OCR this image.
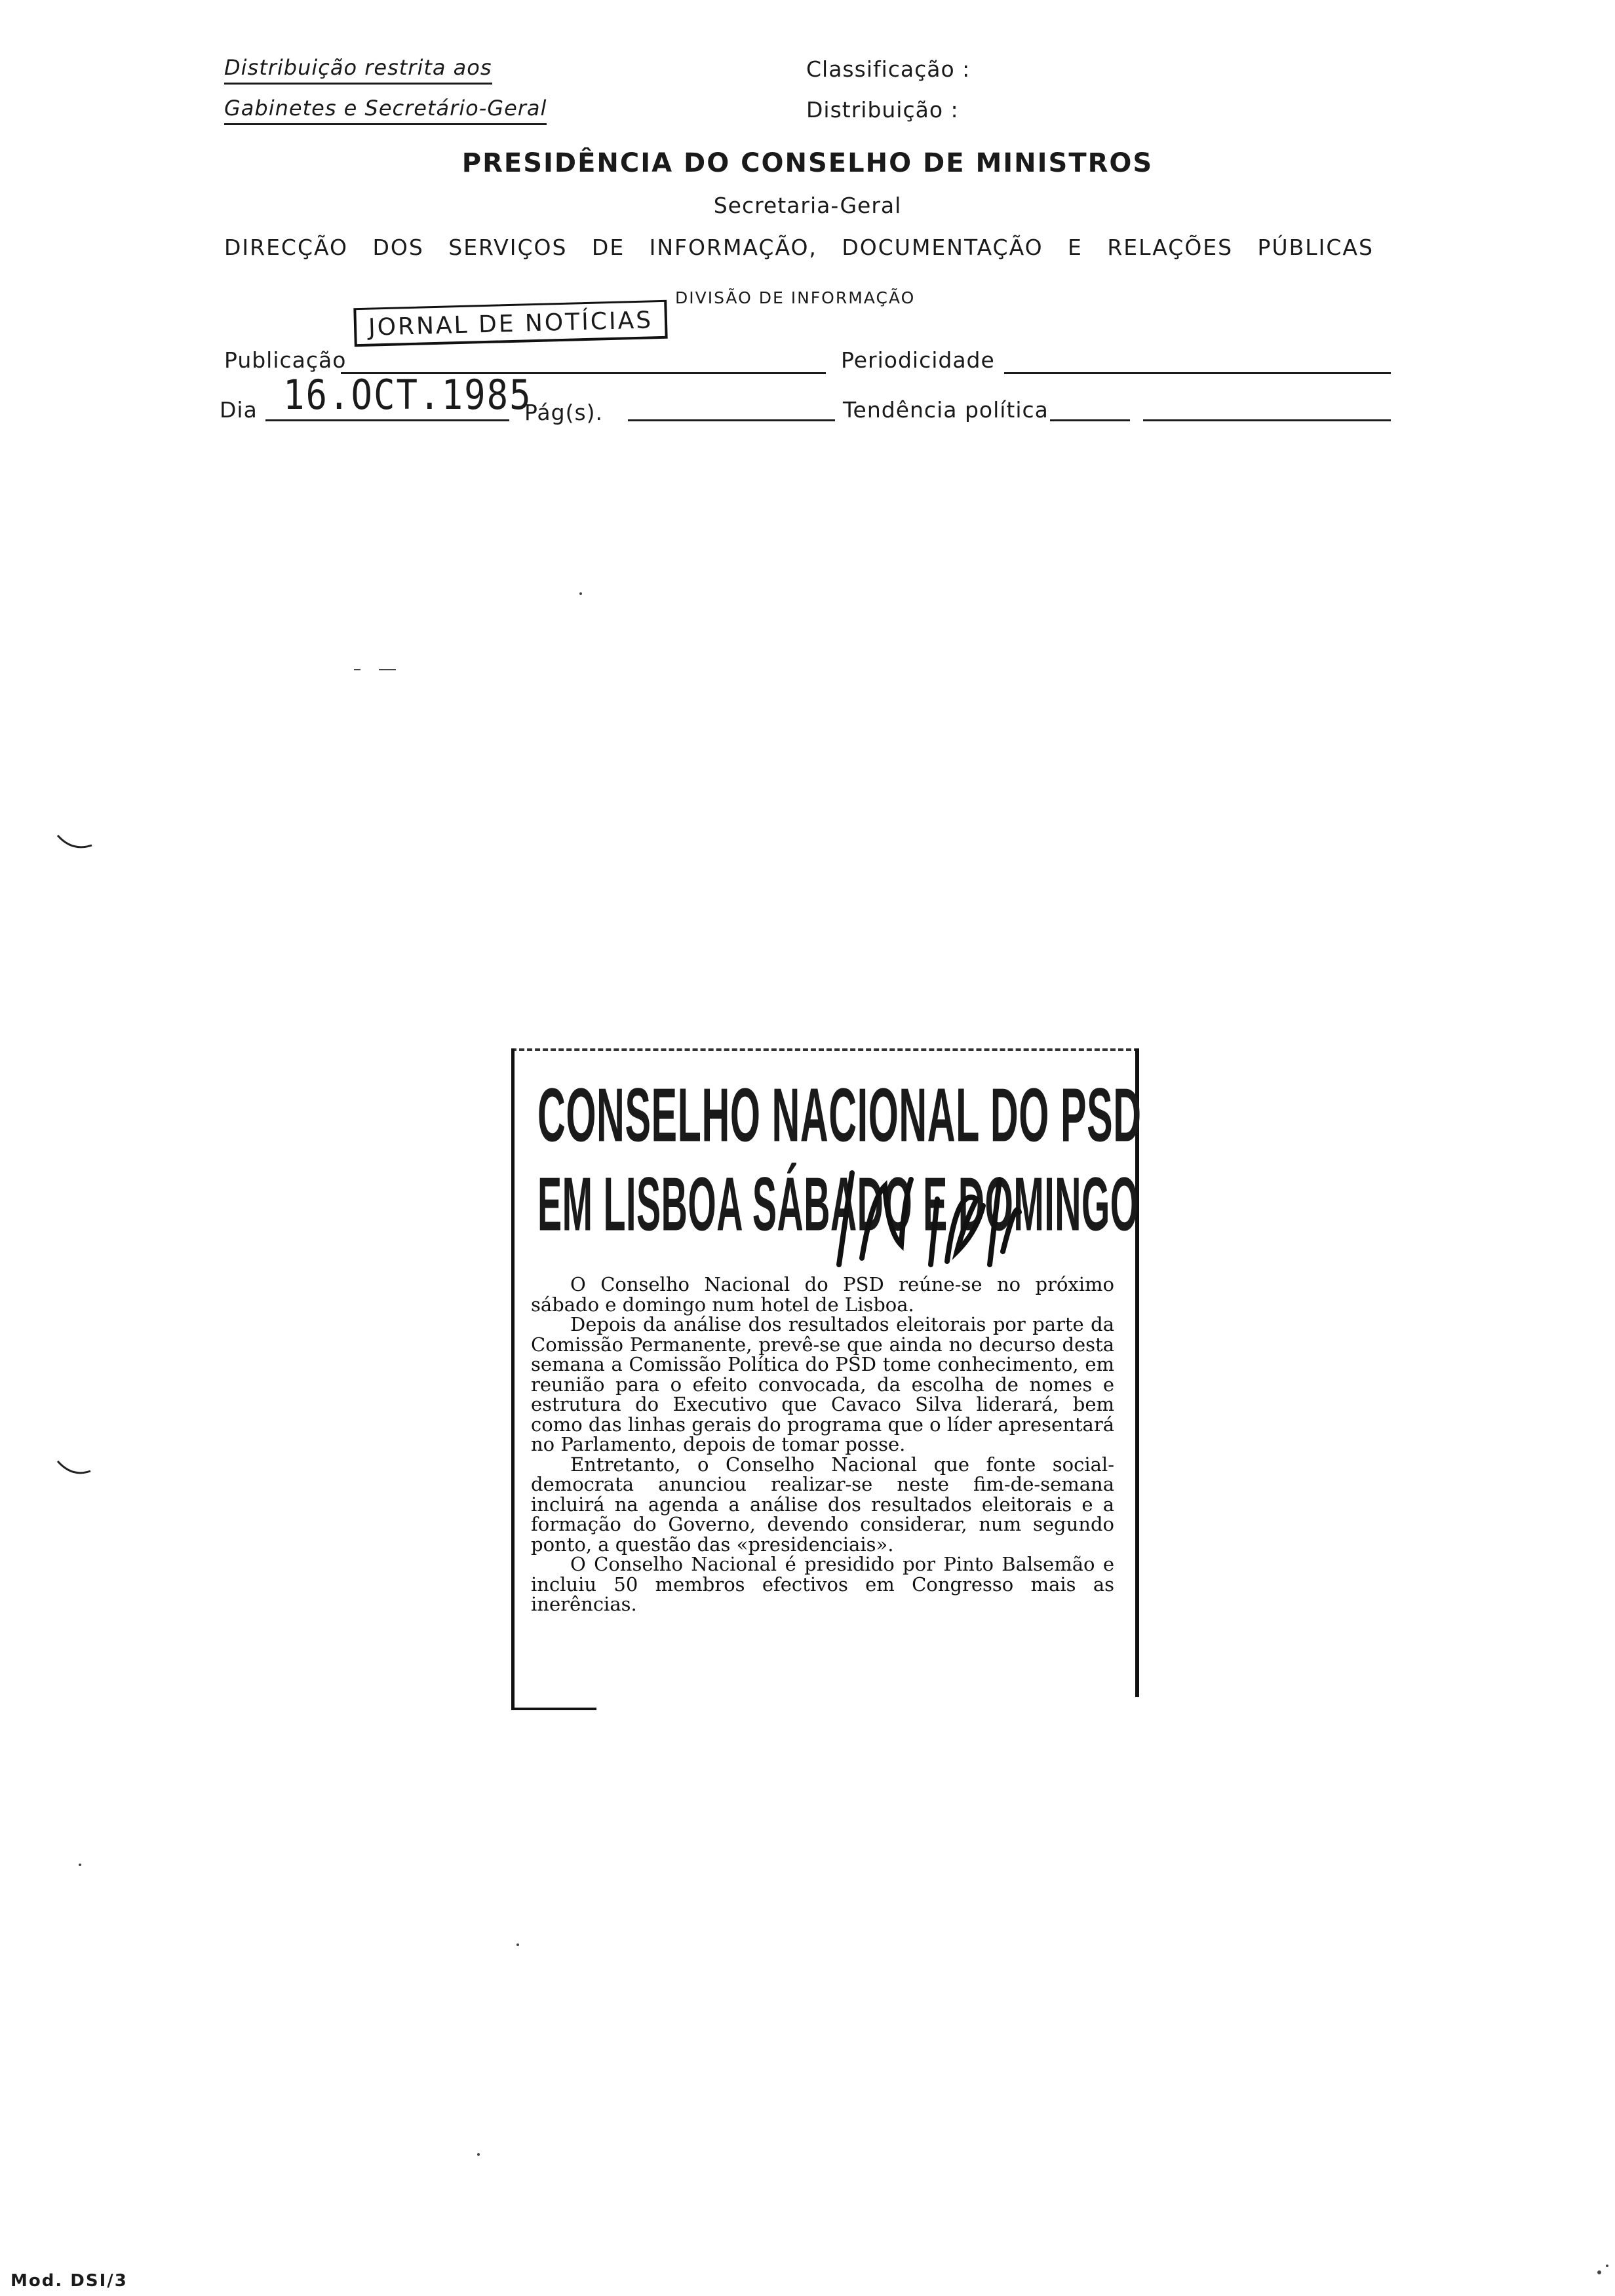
Distribuição restrita aos
Gabinetes e Secretário-Geral
Classificação :
Distribuição :
PRESIDÊNCIA DO CONSELHO DE MINISTROS
Secretaria-Geral
DIRECÇÃO   DOS   SERVIÇOS   DE   INFORMAÇÃO,   DOCUMENTAÇÃO   E   RELAÇÕES   PÚBLICAS
DIVISÃO DE INFORMAÇÃO
Publicação
JORNAL DE NOTÍCIAS
Periodicidade
Dia 16.OCT.1985
Pág(s).	Tendência política
CONSELHO NACIONAL DO PSD
EM LISBOA SÁBADO E DOMINGO

O Conselho Nacional do PSD reúne-se no próximo sábado e domingo num hotel de Lisboa.

Depois da análise dos resultados eleitorais por parte da Comissão Permanente, prevê-se que ainda no decurso desta semana a Comissão Política do PSD tome conhecimento, em reunião para o efeito convocada, da escolha de nomes e estrutura do Executivo que Cavaco Silva liderará, bem como das linhas gerais do programa que o líder apresentará no Parlamento, depois de tomar posse.

Entretanto, o Conselho Nacional que fonte social-democrata anunciou realizar-se neste fim-de-semana incluirá na agenda a análise dos resultados eleitorais e a formação do Governo, devendo considerar, num segundo ponto, a questão das «presidenciais».

O Conselho Nacional é presidido por Pinto Balsemão e incluiu 50 membros efectivos em Congresso mais as inerências.

Mod. DSI/3
